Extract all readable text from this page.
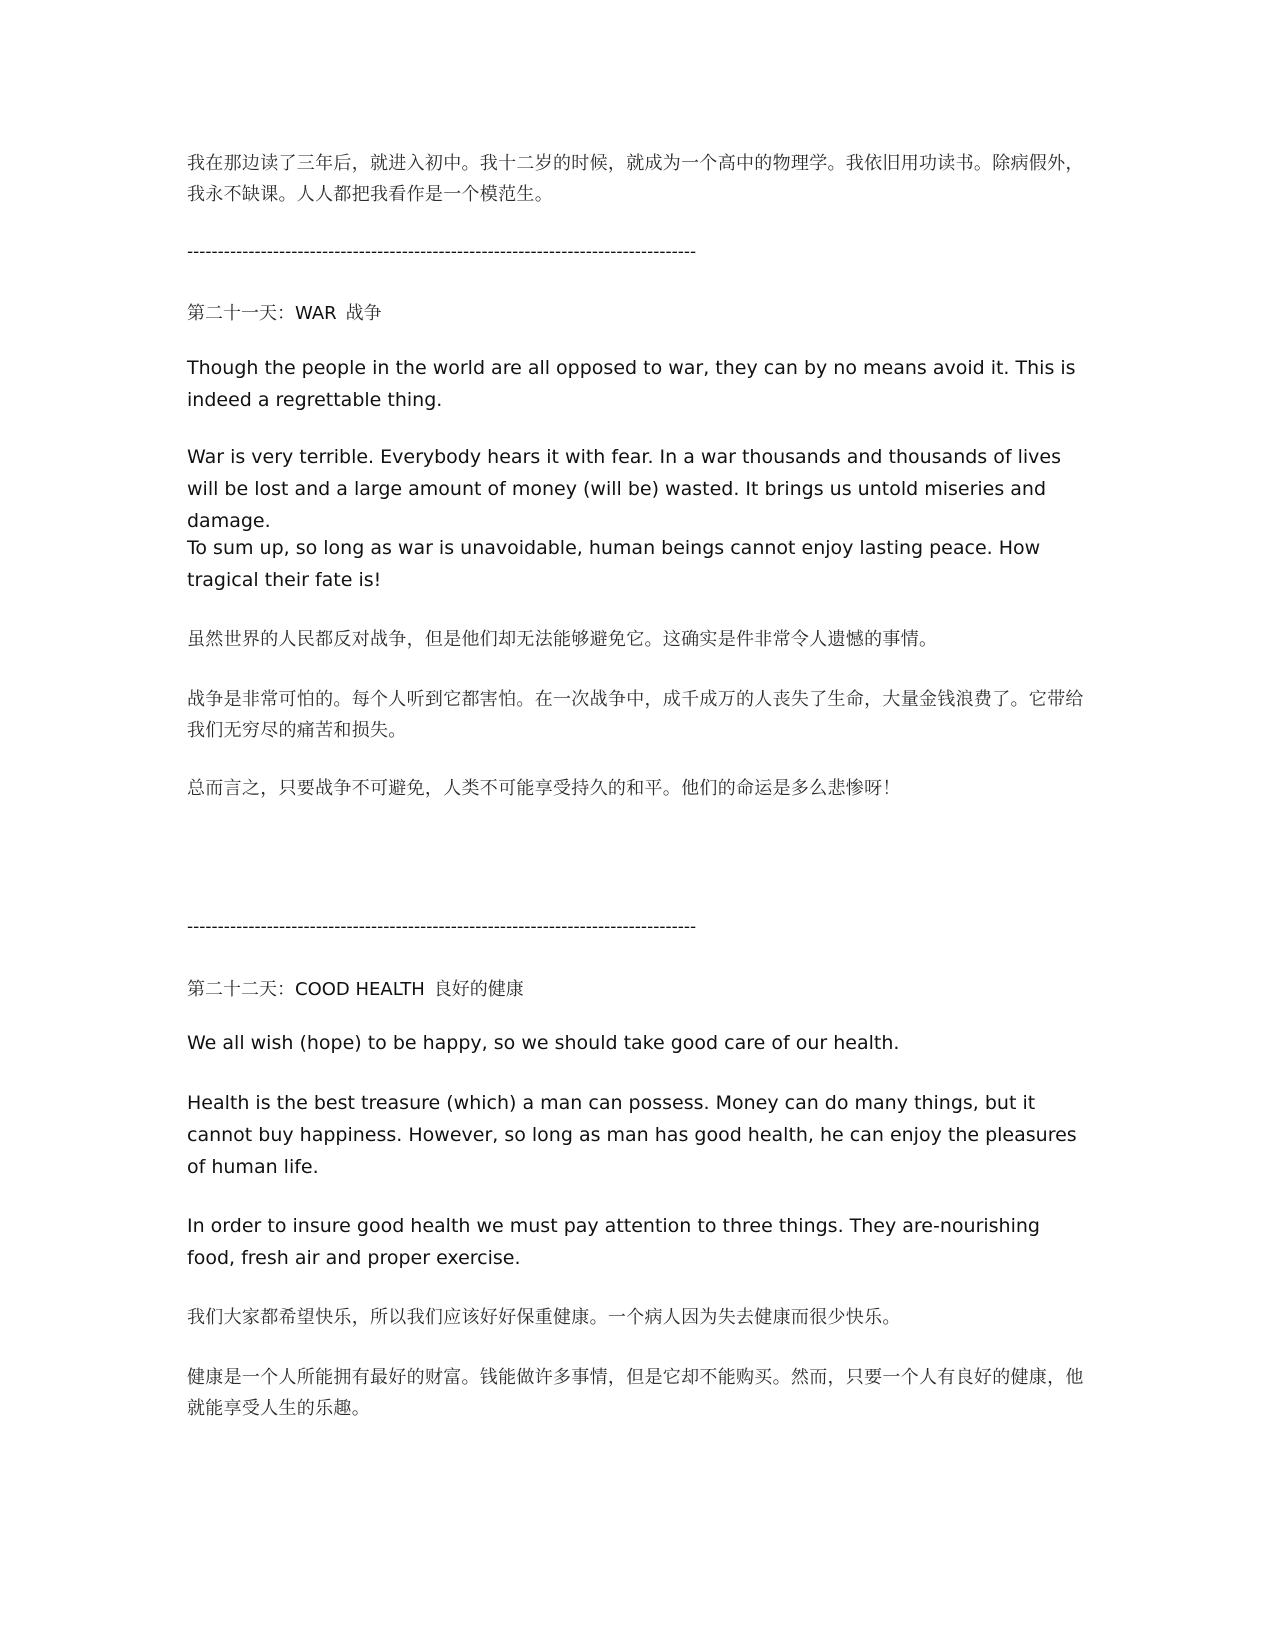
我在那边读了三年后，就进入初中。我十二岁的时候，就成为一个高中的物理学。我依旧用功读书。除病假外，我永不缺课。人人都把我看作是一个模范生。

-----------------------------------------------------------------------------------
第二十一天：WAR 战争

Though the people in the world are all opposed to war, they can by no means avoid it. This is indeed a regrettable thing.

War is very terrible. Everybody hears it with fear. In a war thousands and thousands of lives will be lost and a large amount of money (will be) wasted. It brings us untold miseries and damage.

To sum up, so long as war is unavoidable, human beings cannot enjoy lasting peace. How tragical their fate is!

虽然世界的人民都反对战争，但是他们却无法能够避免它。这确实是件非常令人遗憾的事情。

战争是非常可怕的。每个人听到它都害怕。在一次战争中，成千成万的人丧失了生命，大量金钱浪费了。它带给我们无穷尽的痛苦和损失。

总而言之，只要战争不可避免，人类不可能享受持久的和平。他们的命运是多么悲惨呀！

-----------------------------------------------------------------------------------
第二十二天：COOD HEALTH 良好的健康

We all wish (hope) to be happy, so we should take good care of our health.

Health is the best treasure (which) a man can possess. Money can do many things, but it cannot buy happiness. However, so long as man has good health, he can enjoy the pleasures of human life.

In order to insure good health we must pay attention to three things. They are-nourishing food, fresh air and proper exercise.

我们大家都希望快乐，所以我们应该好好保重健康。一个病人因为失去健康而很少快乐。

健康是一个人所能拥有最好的财富。钱能做许多事情，但是它却不能购买。然而，只要一个人有良好的健康，他就能享受人生的乐趣。
